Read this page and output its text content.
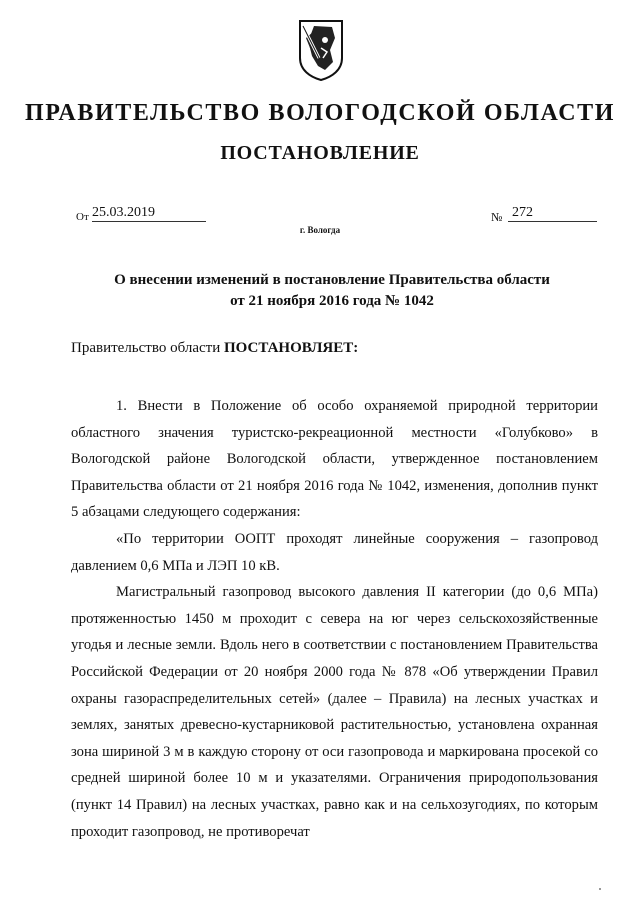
ПРАВИТЕЛЬСТВО ВОЛОГОДСКОЙ ОБЛАСТИ
ПОСТАНОВЛЕНИЕ
От 25.03.2019	№ 272
г. Вологда
О внесении изменений в постановление Правительства области
от 21 ноября 2016 года № 1042
Правительство области ПОСТАНОВЛЯЕТ:

1. Внести в Положение об особо охраняемой природной территории областного значения туристско-рекреационной местности «Голубково» в Вологодской районе Вологодской области, утвержденное постановлением Правительства области от 21 ноября 2016 года № 1042, изменения, дополнив пункт 5 абзацами следующего содержания:

«По территории ООПТ проходят линейные сооружения – газопровод давлением 0,6 МПа и ЛЭП 10 кВ.

Магистральный газопровод высокого давления II категории (до 0,6 МПа) протяженностью 1450 м проходит с севера на юг через сельскохозяйственные угодья и лесные земли. Вдоль него в соответствии с постановлением Правительства Российской Федерации от 20 ноября 2000 года № 878 «Об утверждении Правил охраны газораспределительных сетей» (далее – Правила) на лесных участках и землях, занятых древесно-кустарниковой растительностью, установлена охранная зона шириной 3 м в каждую сторону от оси газопровода и маркирована просекой со средней шириной более 10 м и указателями. Ограничения природопользования (пункт 14 Правил) на лесных участках, равно как и на сельхозугодиях, по которым проходит газопровод, не противоречат
